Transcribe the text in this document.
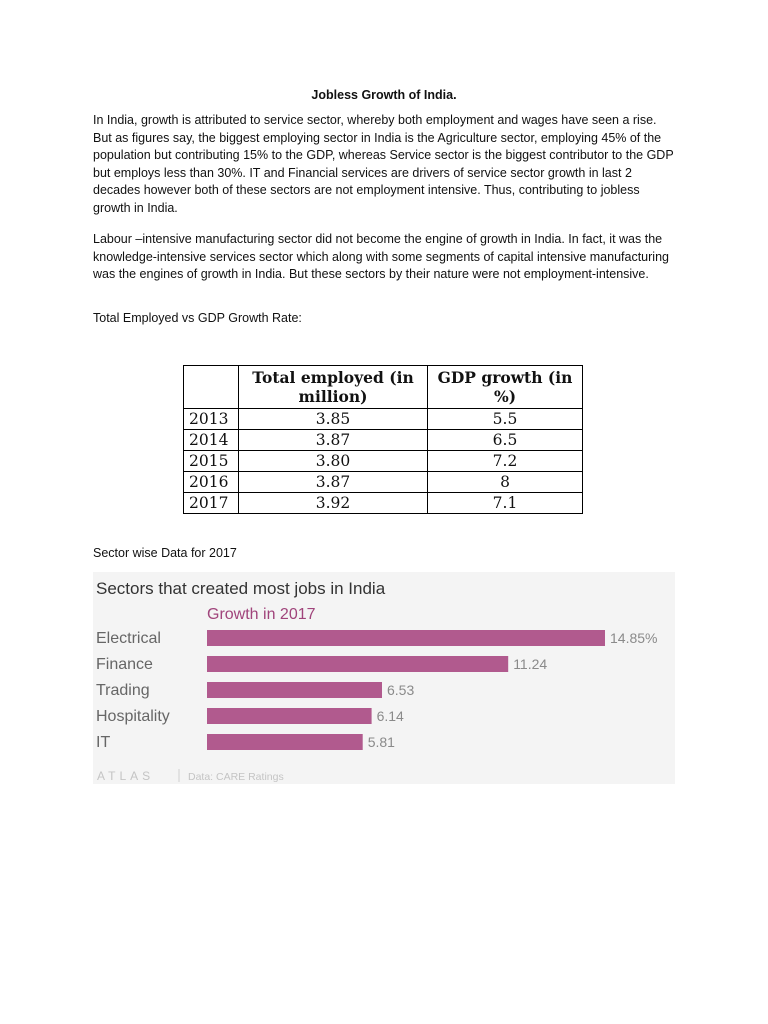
Jobless Growth of India.

In India, growth is attributed to service sector, whereby both employment and wages have seen a rise. But as figures say, the biggest employing sector in India is the Agriculture sector, employing 45% of the population but contributing 15% to the GDP, whereas Service sector is the biggest contributor to the GDP but employs less than 30%. IT and Financial services are drivers of service sector growth in last 2 decades however both of these sectors are not employment intensive. Thus, contributing to jobless growth in India.

Labour –intensive manufacturing sector did not become the engine of growth in India. In fact, it was the knowledge-intensive services sector which along with some segments of capital intensive manufacturing was the engines of growth in India. But these sectors by their nature were not employment-intensive.

Total Employed vs GDP Growth Rate:
	Total employed (in million)	GDP growth (in %)
2013	3.85	5.5
2014	3.87	6.5
2015	3.80	7.2
2016	3.87	8
2017	3.92	7.1
Sector wise Data for 2017
Sectors that created most jobs in India
Growth in 2017
Electrical	14.85%
Finance	11.24
Trading	6.53
Hospitality	6.14
IT	5.81
ATLAS	Data: CARE Ratings
